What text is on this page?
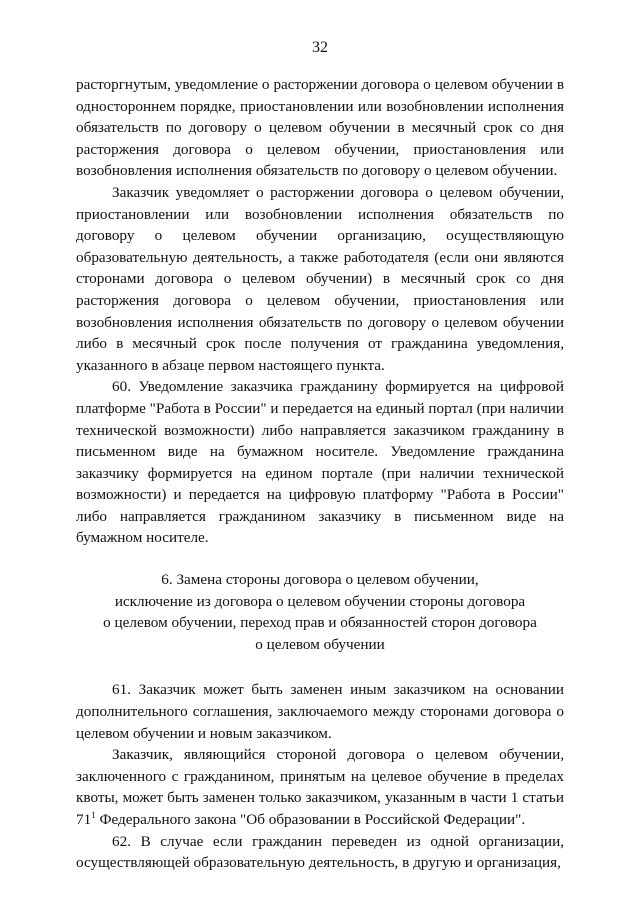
32

расторгнутым, уведомление о расторжении договора о целевом обучении в одностороннем порядке, приостановлении или возобновлении исполнения обязательств по договору о целевом обучении в месячный срок со дня расторжения договора о целевом обучении, приостановления или возобновления исполнения обязательств по договору о целевом обучении.

Заказчик уведомляет о расторжении договора о целевом обучении, приостановлении или возобновлении исполнения обязательств по договору о целевом обучении организацию, осуществляющую образовательную деятельность, а также работодателя (если они являются сторонами договора о целевом обучении) в месячный срок со дня расторжения договора о целевом обучении, приостановления или возобновления исполнения обязательств по договору о целевом обучении либо в месячный срок после получения от гражданина уведомления, указанного в абзаце первом настоящего пункта.

60. Уведомление заказчика гражданину формируется на цифровой платформе "Работа в России" и передается на единый портал (при наличии технической возможности) либо направляется заказчиком гражданину в письменном виде на бумажном носителе. Уведомление гражданина заказчику формируется на едином портале (при наличии технической возможности) и передается на цифровую платформу "Работа в России" либо направляется гражданином заказчику в письменном виде на бумажном носителе.

6. Замена стороны договора о целевом обучении,
исключение из договора о целевом обучении стороны договора
о целевом обучении, переход прав и обязанностей сторон договора
о целевом обучении

61. Заказчик может быть заменен иным заказчиком на основании дополнительного соглашения, заключаемого между сторонами договора о целевом обучении и новым заказчиком.

Заказчик, являющийся стороной договора о целевом обучении, заключенного с гражданином, принятым на целевое обучение в пределах квоты, может быть заменен только заказчиком, указанным в части 1 статьи $71^1$ Федерального закона "Об образовании в Российской Федерации".

62. В случае если гражданин переведен из одной организации, осуществляющей образовательную деятельность, в другую и организация,
